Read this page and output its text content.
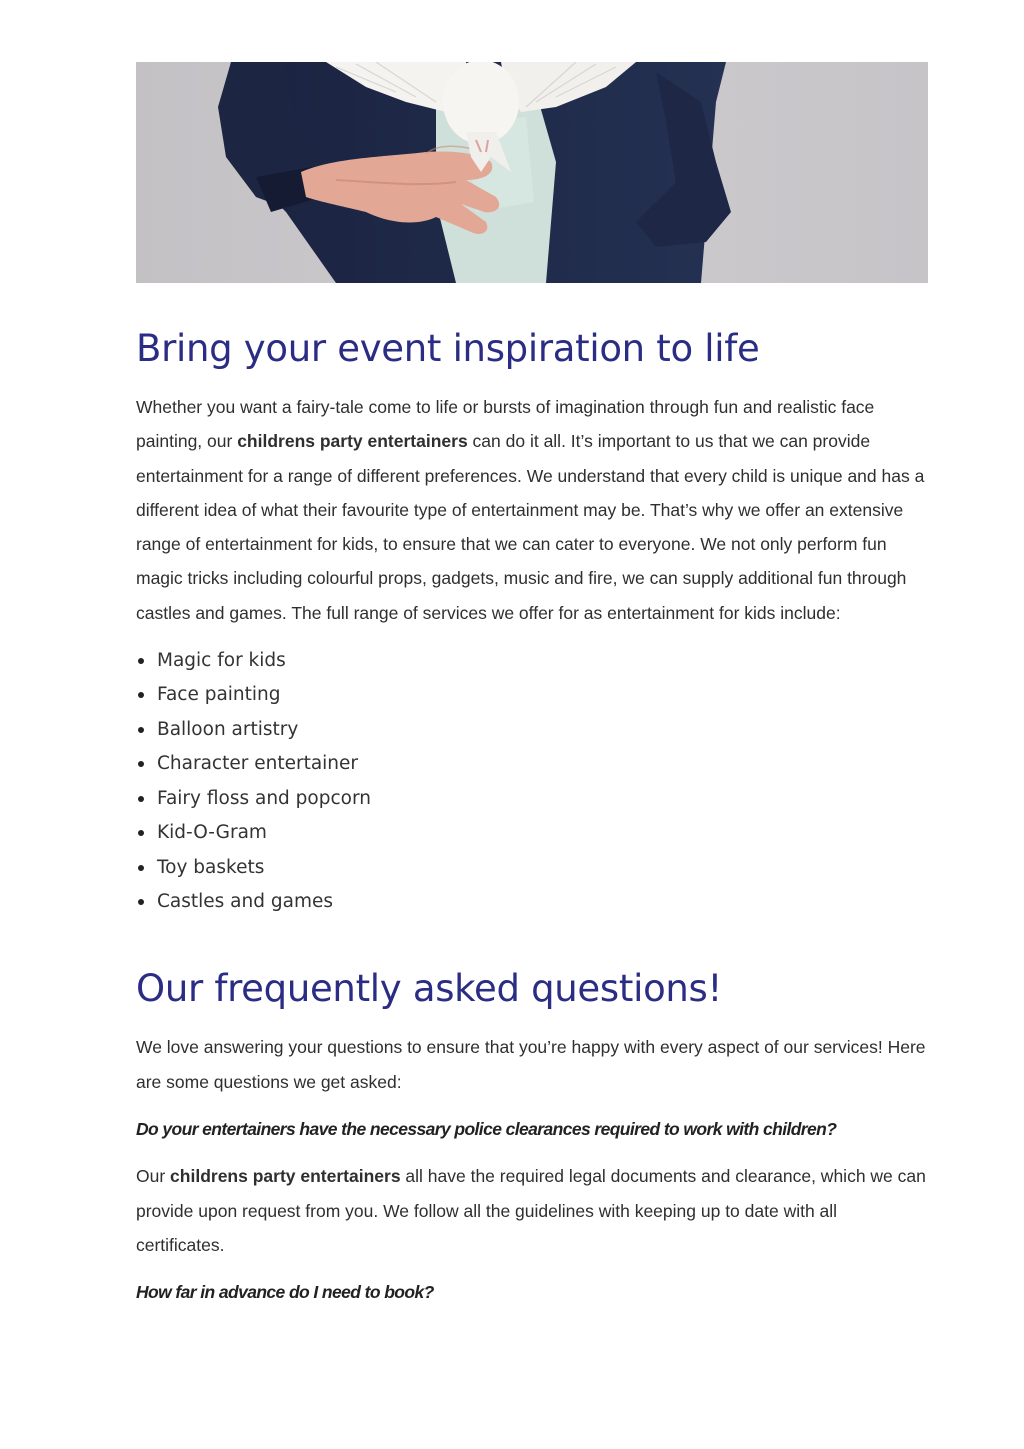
Bring your event inspiration to life

Whether you want a fairy-tale come to life or bursts of imagination through fun and realistic face painting, our childrens party entertainers can do it all. It’s important to us that we can provide entertainment for a range of different preferences. We understand that every child is unique and has a different idea of what their favourite type of entertainment may be. That’s why we offer an extensive range of entertainment for kids, to ensure that we can cater to everyone. We not only perform fun magic tricks including colourful props, gadgets, music and fire, we can supply additional fun through castles and games. The full range of services we offer for as entertainment for kids include:

Magic for kids
Face painting
Balloon artistry
Character entertainer
Fairy floss and popcorn
Kid-O-Gram
Toy baskets
Castles and games
Our frequently asked questions!

We love answering your questions to ensure that you’re happy with every aspect of our services! Here are some questions we get asked:

Do your entertainers have the necessary police clearances required to work with children?

Our childrens party entertainers all have the required legal documents and clearance, which we can provide upon request from you. We follow all the guidelines with keeping up to date with all certificates.

How far in advance do I need to book?
